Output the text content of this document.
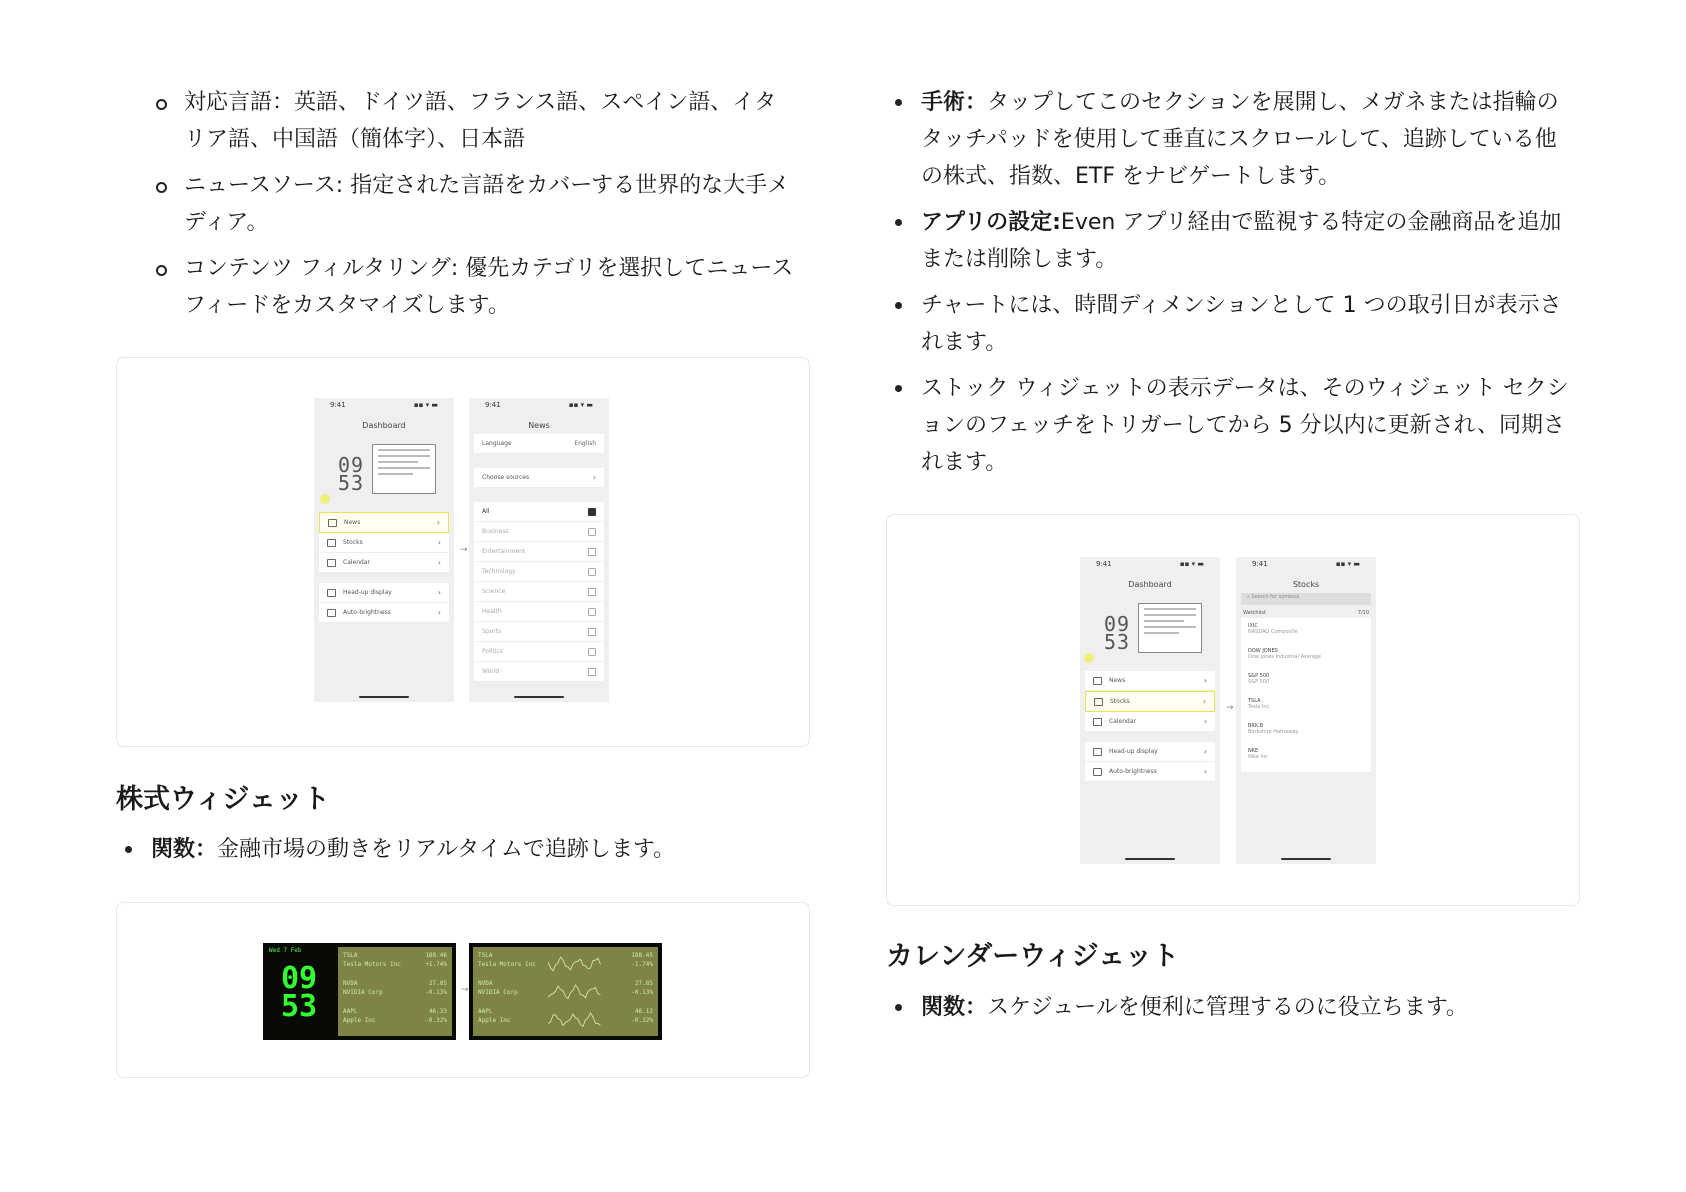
対応言語：英語、ドイツ語、フランス語、スペイン語、イタリア語、中国語（簡体字）、日本語
ニュースソース: 指定された言語をカバーする世界的な大手メディア。
コンテンツ フィルタリング: 優先カテゴリを選択してニュース フィードをカスタマイズします。
9:41	▪▪ ▾ ▬
Dashboard
09
53
News	›
Stocks	›
Calendar	›
Head-up display	›
Auto-brightness	›
→
9:41	▪▪ ▾ ▬
News
Language	English
Choose sources	›
All
Business
Entertainment
Technology
Science
Health
Sports
Politics
World
株式ウィジェット
関数：金融市場の動きをリアルタイムで追跡します。
Wed 7 Feb
09
53
TSLA
Tesla Motors Inc
188.46
+1.74%
NVDA
NVIDIA Corp
27.85
-0.13%
AAPL
Apple Inc
46.33
-0.32%
→
TSLA
Tesla Motors Inc
188.45
-1.74%
NVDA
NVIDIA Corp
27.85
-0.13%
AAPL
Apple Inc
46.12
-0.32%
手術：タップしてこのセクションを展開し、メガネまたは指輪のタッチパッドを使用して垂直にスクロールして、追跡している他の株式、指数、ETF をナビゲートします。
アプリの設定:Even アプリ経由で監視する特定の金融商品を追加または削除します。
チャートには、時間ディメンションとして 1 つの取引日が表示されます。
ストック ウィジェットの表示データは、そのウィジェット セクションのフェッチをトリガーしてから 5 分以内に更新され、同期されます。
9:41	▪▪ ▾ ▬
Dashboard
09
53
News	›
Stocks	›
Calendar	›
Head-up display	›
Auto-brightness	›
→
9:41	▪▪ ▾ ▬
Stocks
⌕ Search for symbols
Watchlist	7/10
IXIC
NASDAQ Composite
DOW JONES
Dow Jones Industrial Average
S&P 500
S&P 500
TSLA
Tesla Inc
BRK.B
Berkshire Hathaway
NKE
Nike Inc
カレンダーウィジェット
関数：スケジュールを便利に管理するのに役立ちます。
